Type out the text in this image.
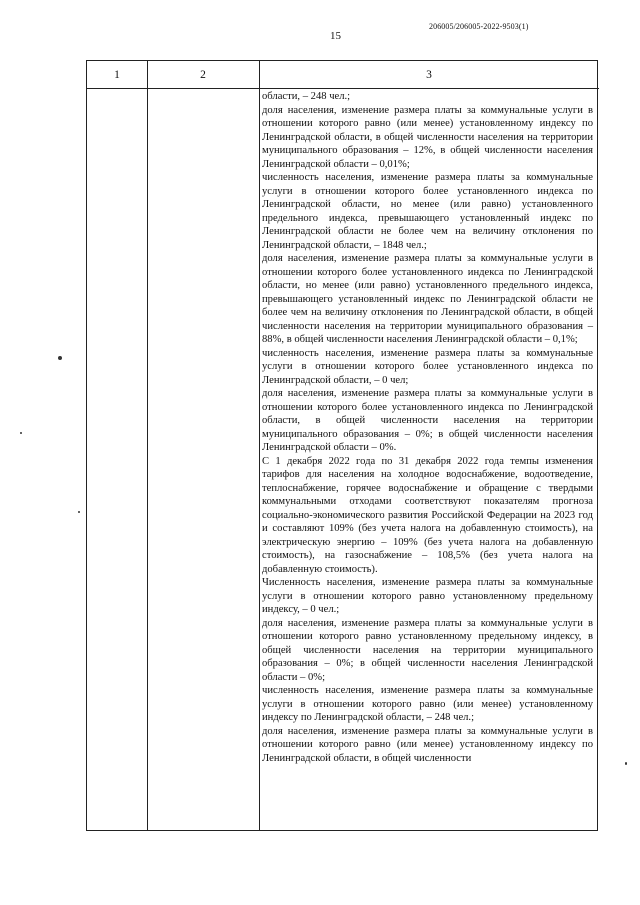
15
206005/206005-2022-9503(1)
1	2	3

области, – 248 чел.;

доля населения, изменение размера платы за коммунальные услуги в отношении которого равно (или менее) установленному индексу по Ленинградской области, в общей численности населения на территории муниципального образования – 12%, в общей численности населения Ленинградской области – 0,01%;

численность населения, изменение размера платы за коммунальные услуги в отношении которого более установленного индекса по Ленинградской области, но менее (или равно) установленного предельного индекса, превышающего установленный индекс по Ленинградской области не более чем на величину отклонения по Ленинградской области, – 1848 чел.;

доля населения, изменение размера платы за коммунальные услуги в отношении которого более установленного индекса по Ленинградской области, но менее (или равно) установленного предельного индекса, превышающего установленный индекс по Ленинградской области не более чем на величину отклонения по Ленинградской области, в общей численности населения на территории муниципального образования – 88%, в общей численности населения Ленинградской области – 0,1%;

численность населения, изменение размера платы за коммунальные услуги в отношении которого более установленного индекса по Ленинградской области, – 0 чел;

доля населения, изменение размера платы за коммунальные услуги в отношении которого более установленного индекса по Ленинградской области, в общей численности населения на территории муниципального образования – 0%; в общей численности населения Ленинградской области – 0%.

С 1 декабря 2022 года по 31 декабря 2022 года темпы изменения тарифов для населения на холодное водоснабжение, водоотведение, теплоснабжение, горячее водоснабжение и обращение с твердыми коммунальными отходами соответствуют показателям прогноза социально-экономического развития Российской Федерации на 2023 год и составляют 109% (без учета налога на добавленную стоимость), на электрическую энергию – 109% (без учета налога на добавленную стоимость), на газоснабжение – 108,5% (без учета налога на добавленную стоимость).

Численность населения, изменение размера платы за коммунальные услуги в отношении которого равно установленному предельному индексу, – 0 чел.;

доля населения, изменение размера платы за коммунальные услуги в отношении которого равно установленному предельному индексу, в общей численности населения на территории муниципального образования – 0%; в общей численности населения Ленинградской области – 0%;

численность населения, изменение размера платы за коммунальные услуги в отношении которого равно (или менее) установленному индексу по Ленинградской области, – 248 чел.;

доля населения, изменение размера платы за коммунальные услуги в отношении которого равно (или менее) установленному индексу по Ленинградской области, в общей численности
